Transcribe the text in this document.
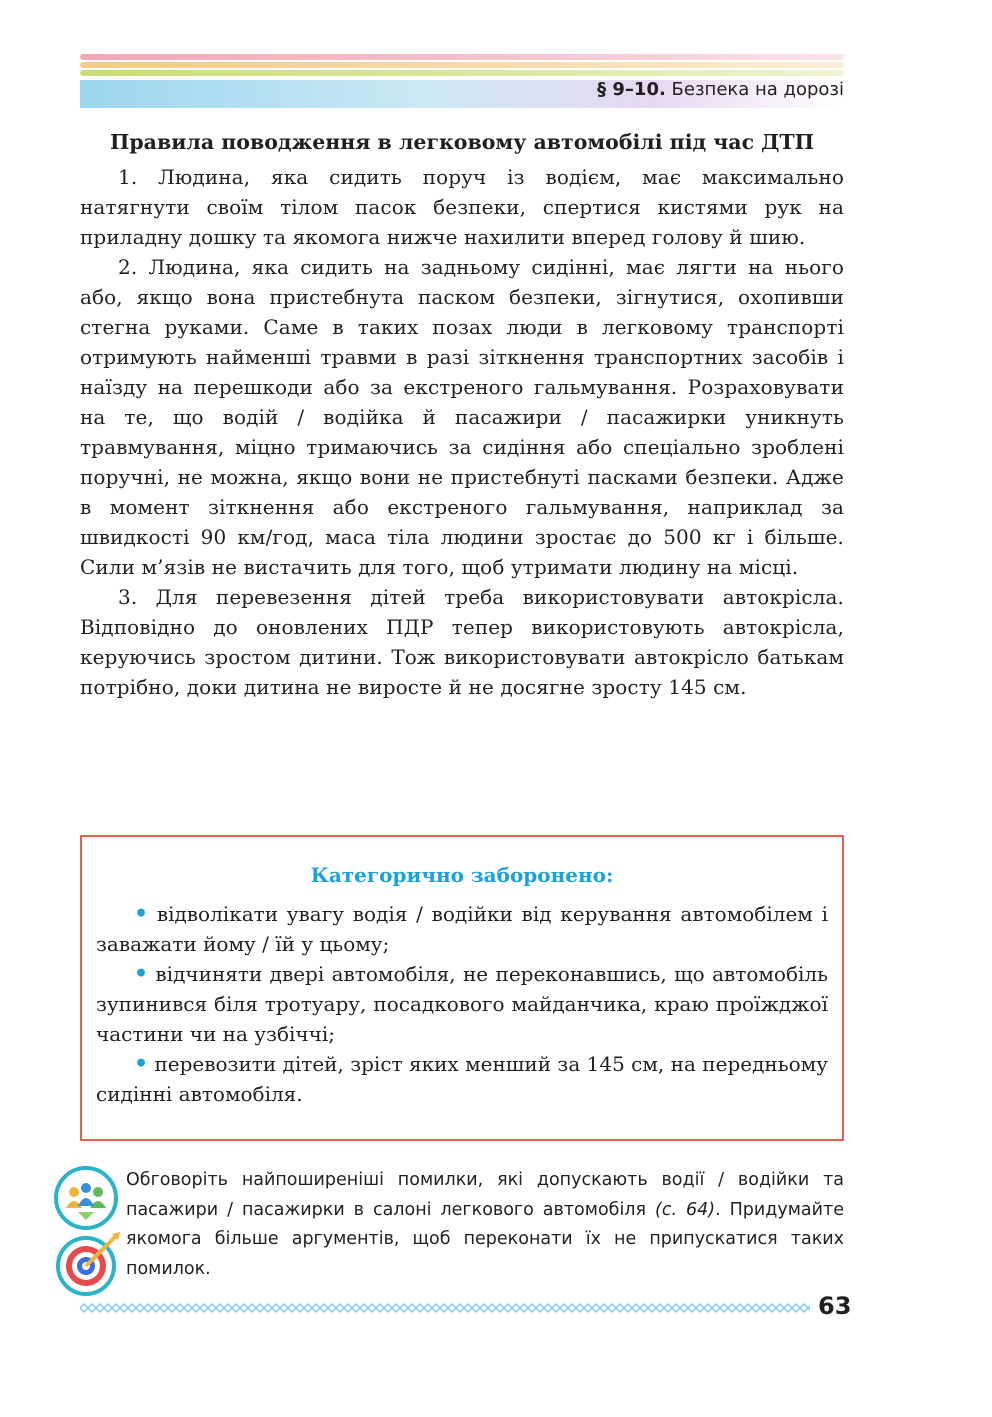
§ 9–10. Безпека на дорозі

Правила поводження в легковому автомобілі під час ДТП

1. Людина, яка сидить поруч із водієм, має максимально натягнути своїм тілом пасок безпеки, спертися кистями рук на приладну дошку та якомога нижче нахилити вперед голову й шию.

2. Людина, яка сидить на задньому сидінні, має лягти на нього або, якщо вона пристебнута паском безпеки, зігнутися, охопивши стегна руками. Саме в таких позах люди в легковому транспорті отримують найменші травми в разі зіткнення транспортних засобів і наїзду на перешкоди або за екстреного гальмування. Розраховувати на те, що водій / водійка й пасажири / пасажирки уникнуть травмування, міцно тримаючись за сидіння або спеціально зроблені поручні, не можна, якщо вони не пристебнуті пасками безпеки. Адже в момент зіткнення або екстреного гальмування, наприклад за швидкості 90 км/год, маса тіла людини зростає до 500 кг і більше. Сили м’язів не вистачить для того, щоб утримати людину на місці.

3. Для перевезення дітей треба використовувати автокрісла. Відповідно до оновлених ПДР тепер використовують автокрісла, керуючись зростом дитини. Тож використовувати автокрісло батькам потрібно, доки дитина не виросте й не досягне зросту 145 см.

Категорично заборонено:

• відволікати увагу водія / водійки від керування автомобілем і заважати йому / їй у цьому;

• відчиняти двері автомобіля, не переконавшись, що автомобіль зупинився біля тротуару, посадкового майданчика, краю проїжджої частини чи на узбіччі;

• перевозити дітей, зріст яких менший за 145 см, на передньому сидінні автомобіля.

Обговоріть найпоширеніші помилки, які допускають водії / водійки та пасажири / пасажирки в салоні легкового автомобіля (с. 64). Придумайте якомога більше аргументів, щоб переконати їх не припускатися таких помилок.

63
